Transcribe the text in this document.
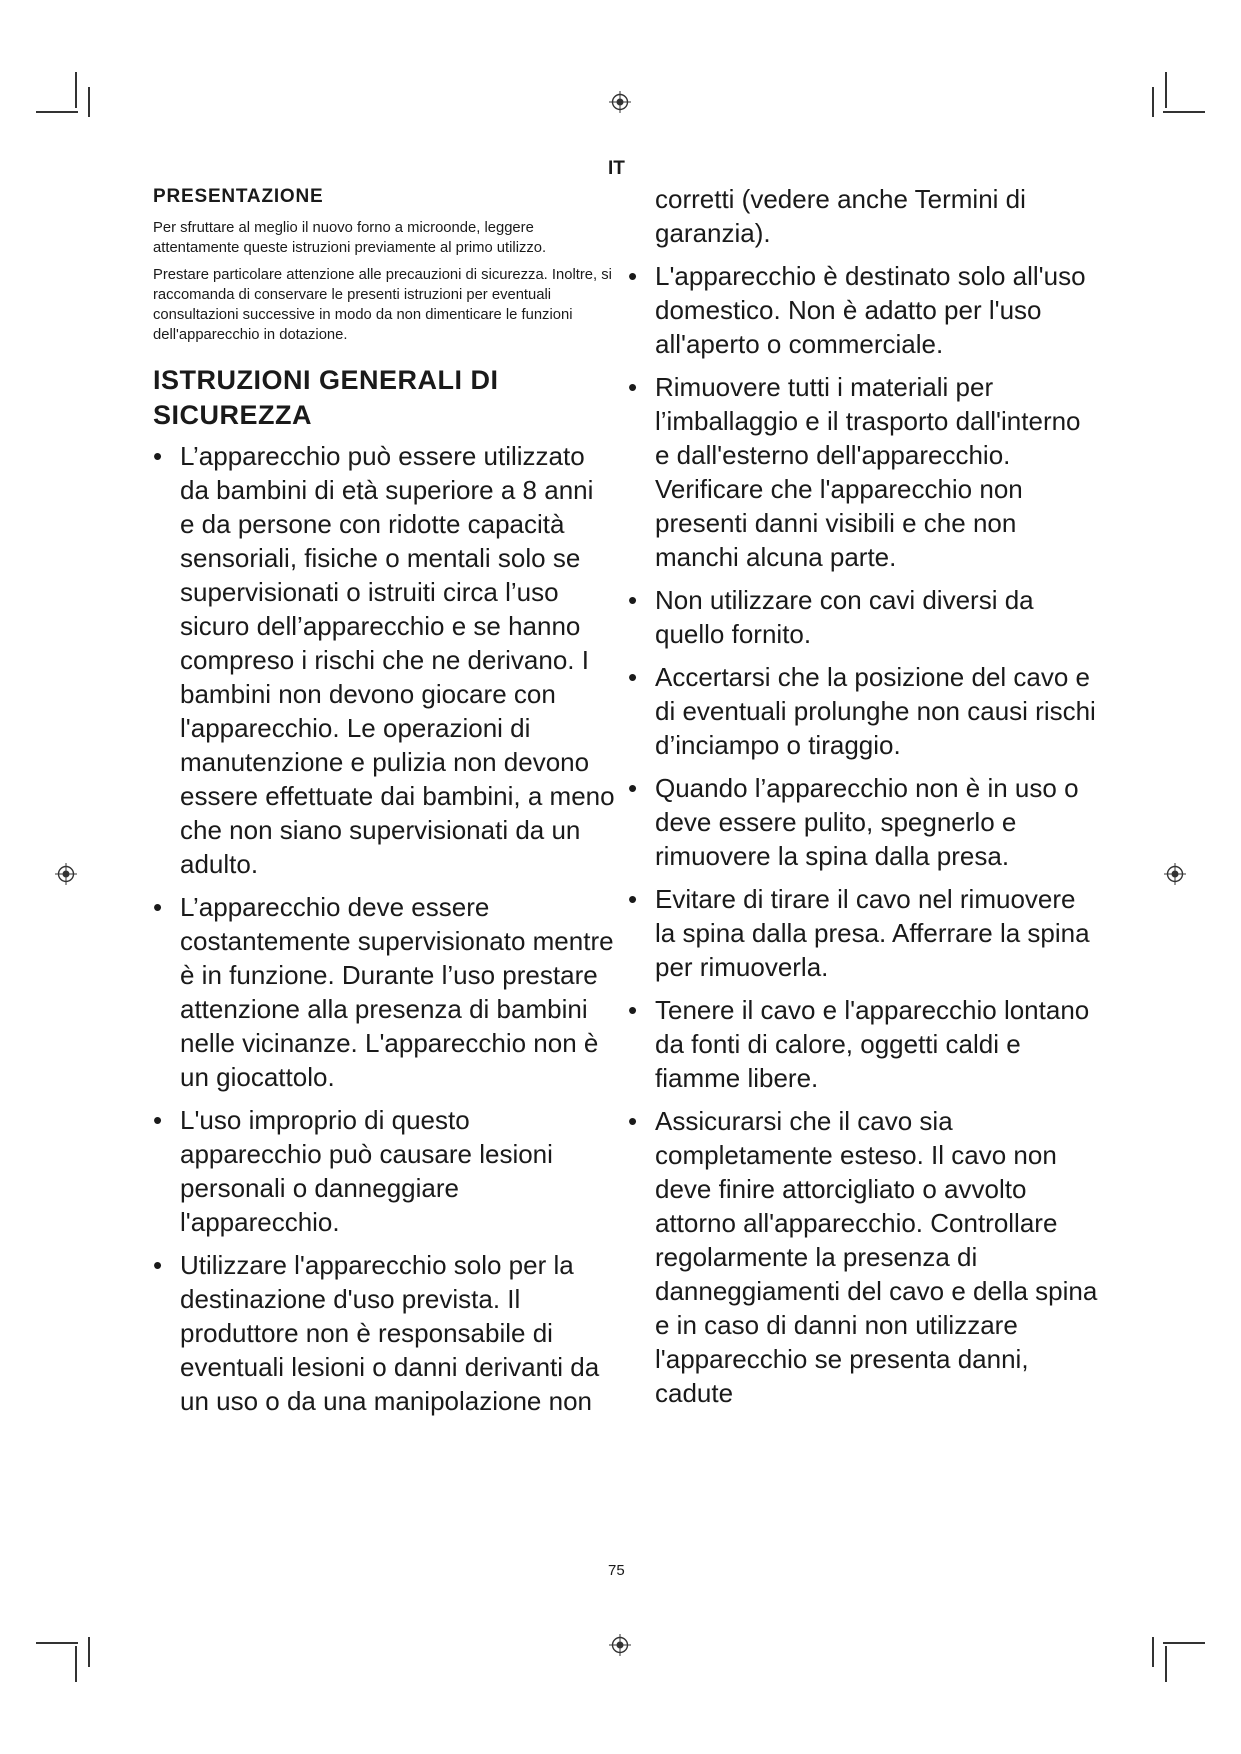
IT
PRESENTAZIONE

Per sfruttare al meglio il nuovo forno a microonde, leggere attentamente queste istruzioni previamente al primo utilizzo.

Prestare particolare attenzione alle precauzioni di sicurezza. Inoltre, si raccomanda di conservare le presenti istruzioni per eventuali consultazioni successive in modo da non dimenticare le funzioni dell'apparecchio in dotazione.

ISTRUZIONI GENERALI DI SICUREZZA
• L’apparecchio può essere utilizzato da bambini di età superiore a 8 anni e da persone con ridotte capacità sensoriali, fisiche o mentali solo se supervisionati o istruiti circa l’uso sicuro dell’apparecchio e se hanno compreso i rischi che ne derivano. I bambini non devono giocare con l'apparecchio. Le operazioni di manutenzione e pulizia non devono essere effettuate dai bambini, a meno che non siano supervisionati da un adulto.
• L’apparecchio deve essere costantemente supervisionato mentre è in funzione. Durante l’uso prestare attenzione alla presenza di bambini nelle vicinanze. L'apparecchio non è un giocattolo.
• L'uso improprio di questo apparecchio può causare lesioni personali o danneggiare l'apparecchio.
• Utilizzare l'apparecchio solo per la destinazione d'uso prevista. Il produttore non è responsabile di eventuali lesioni o danni derivanti da un uso o da una manipolazione non
corretti (vedere anche Termini di garanzia).
• L'apparecchio è destinato solo all'uso domestico. Non è adatto per l'uso all'aperto o commerciale.
• Rimuovere tutti i materiali per l’imballaggio e il trasporto dall'interno e dall'esterno dell'apparecchio. Verificare che l'apparecchio non presenti danni visibili e che non manchi alcuna parte.
• Non utilizzare con cavi diversi da quello fornito.
• Accertarsi che la posizione del cavo e di eventuali prolunghe non causi rischi d’inciampo o tiraggio.
• Quando l’apparecchio non è in uso o deve essere pulito, spegnerlo e rimuovere la spina dalla presa.
• Evitare di tirare il cavo nel rimuovere la spina dalla presa. Afferrare la spina per rimuoverla.
• Tenere il cavo e l'apparecchio lontano da fonti di calore, oggetti caldi e fiamme libere.
• Assicurarsi che il cavo sia completamente esteso. Il cavo non deve finire attorcigliato o avvolto attorno all'apparecchio. Controllare regolarmente la presenza di danneggiamenti del cavo e della spina e in caso di danni non utilizzare l'apparecchio se presenta danni, cadute
75
